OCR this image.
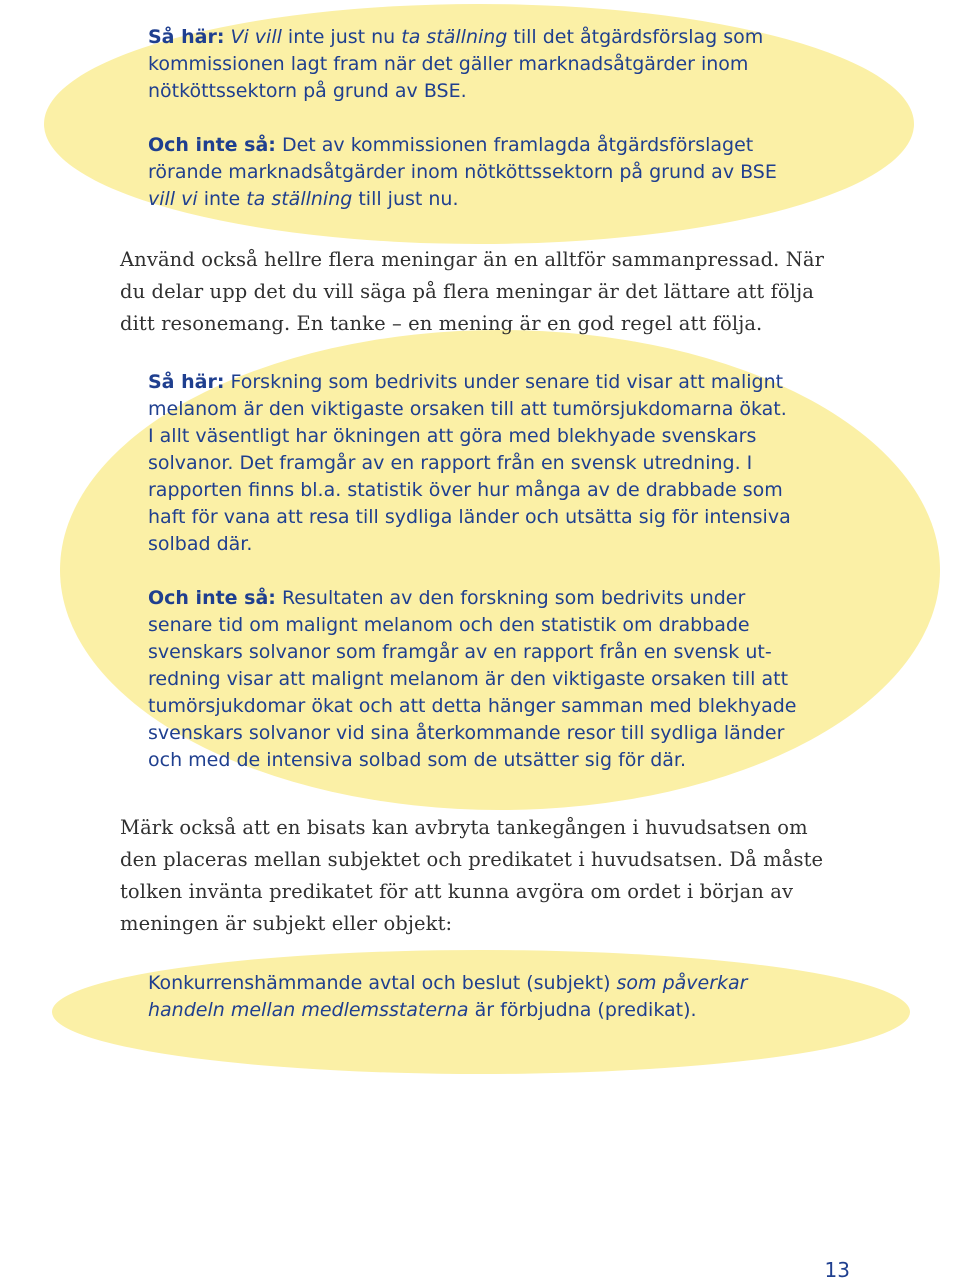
Så här: Vi vill inte just nu ta ställning till det åtgärdsförslag som
kommissionen lagt fram när det gäller marknadsåtgärder inom
nötköttssektorn på grund av BSE.
Och inte så: Det av kommissionen framlagda åtgärdsförslaget
rörande marknadsåtgärder inom nötköttssektorn på grund av BSE
vill vi inte ta ställning till just nu.
Använd också hellre flera meningar än en alltför sammanpressad. När
du delar upp det du vill säga på flera meningar är det lättare att följa
ditt resonemang. En tanke – en mening är en god regel att följa.
Så här: Forskning som bedrivits under senare tid visar att malignt
melanom är den viktigaste orsaken till att tumörsjukdomarna ökat.
I allt väsentligt har ökningen att göra med blekhyade svenskars
solvanor. Det framgår av en rapport från en svensk utredning. I
rapporten finns bl.a. statistik över hur många av de drabbade som
haft för vana att resa till sydliga länder och utsätta sig för intensiva
solbad där.
Och inte så: Resultaten av den forskning som bedrivits under
senare tid om malignt melanom och den statistik om drabbade
svenskars solvanor som framgår av en rapport från en svensk ut-
redning visar att malignt melanom är den viktigaste orsaken till att
tumörsjukdomar ökat och att detta hänger samman med blekhyade
svenskars solvanor vid sina återkommande resor till sydliga länder
och med de intensiva solbad som de utsätter sig för där.
Märk också att en bisats kan avbryta tankegången i huvudsatsen om
den placeras mellan subjektet och predikatet i huvudsatsen. Då måste
tolken invänta predikatet för att kunna avgöra om ordet i början av
meningen är subjekt eller objekt:
Konkurrenshämmande avtal och beslut (subjekt) som påverkar
handeln mellan medlemsstaterna är förbjudna (predikat).
13
